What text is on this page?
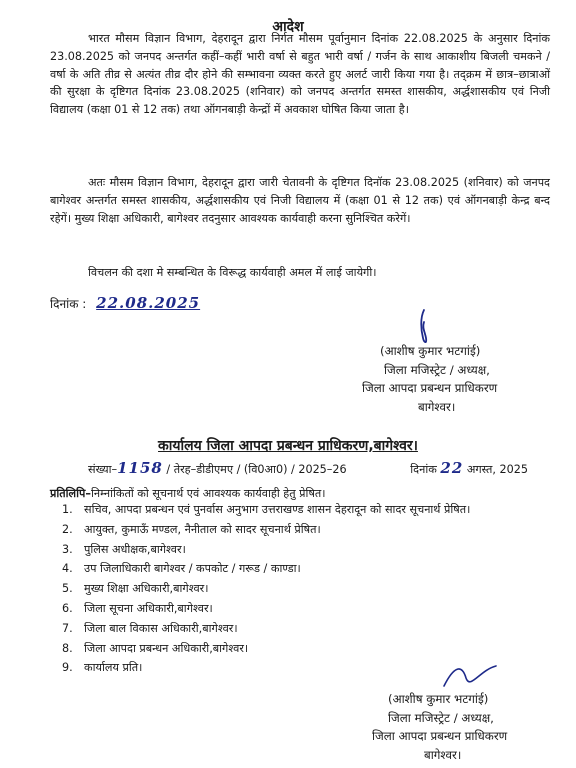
आदेश

भारत मौसम विज्ञान विभाग, देहरादून द्वारा निर्गत मौसम पूर्वानुमान दिनांक 22.08.2025 के अनुसार दिनांक 23.08.2025 को जनपद अन्तर्गत कहीं–कहीं भारी वर्षा से बहुत भारी वर्षा / गर्जन के साथ आकाशीय बिजली चमकने / वर्षा के अति तीव्र से अत्यंत तीव्र दौर होने की सम्भावना व्यक्त करते हुए अलर्ट जारी किया गया है। तद्क्रम में छात्र–छात्राओं की सुरक्षा के दृष्टिगत दिनांक 23.08.2025 (शनिवार) को जनपद अन्तर्गत समस्त शासकीय, अर्द्धशासकीय एवं निजी विद्यालय (कक्षा 01 से 12 तक) तथा ऑगनबाड़ी केन्द्रों में अवकाश घोषित किया जाता है।

अतः मौसम विज्ञान विभाग, देहरादून द्वारा जारी चेतावनी के दृष्टिगत दिनॉक 23.08.2025 (शनिवार) को जनपद बागेश्वर अन्तर्गत समस्त शासकीय, अर्द्धशासकीय एवं निजी विद्यालय में (कक्षा 01 से 12 तक) एवं ऑगनबाड़ी केन्द्र बन्द रहेगें। मुख्य शिक्षा अधिकारी, बागेश्वर तदनुसार आवश्यक कार्यवाही करना सुनिश्चित करेगें।

विचलन की दशा मे सम्बन्धित के विरूद्ध कार्यवाही अमल में लाई जायेगी।

दिनांक : 22.08.2025
(आशीष कुमार भटगांई)
जिला मजिस्ट्रेट / अध्यक्ष,
जिला आपदा प्रबन्धन प्राधिकरण
बागेश्वर।
कार्यालय जिला आपदा प्रबन्धन प्राधिकरण,बागेश्वर।
संख्या–1158 / तेरह–डीडीएमए / (वि0आ0) / 2025–26	दिनांक 22 अगस्त, 2025
प्रतिलिपि–निम्नांकितों को सूचनार्थ एवं आवश्यक कार्यवाही हेतु प्रेषित।
1. सचिव, आपदा प्रबन्धन एवं पुनर्वास अनुभाग उत्तराखण्ड शासन देहरादून को सादर सूचनार्थ प्रेषित।
2. आयुक्त, कुमाऊँ मण्डल, नैनीताल को सादर सूचनार्थ प्रेषित।
3. पुलिस अधीक्षक,बागेश्वर।
4. उप जिलाधिकारी बागेश्वर / कपकोट / गरूड / काण्डा।
5. मुख्य शिक्षा अधिकारी,बागेश्वर।
6. जिला सूचना अधिकारी,बागेश्वर।
7. जिला बाल विकास अधिकारी,बागेश्वर।
8. जिला आपदा प्रबन्धन अधिकारी,बागेश्वर।
9. कार्यालय प्रति।
(आशीष कुमार भटगांई)
जिला मजिस्ट्रेट / अध्यक्ष,
जिला आपदा प्रबन्धन प्राधिकरण
बागेश्वर।
